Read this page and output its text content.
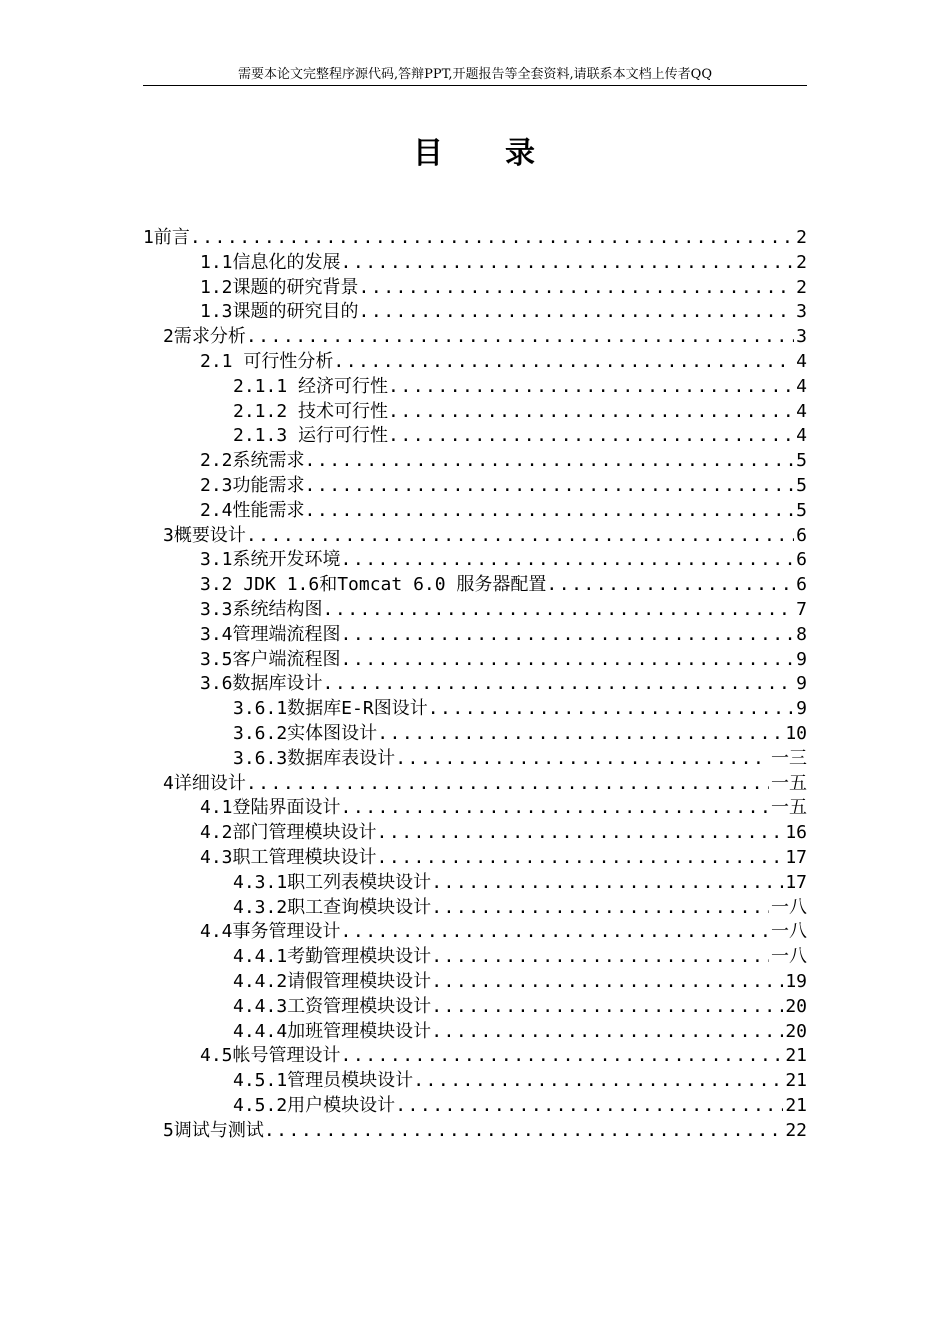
需要本论文完整程序源代码,答辩PPT,开题报告等全套资料,请联系本文档上传者QQ
目 录
1前言 .....	2
1.1信息化的发展 .....	2
1.2课题的研究背景 .....	2
1.3课题的研究目的 .....	3
2需求分析 .....	3
2.1 可行性分析 .....	4
2.1.1 经济可行性 .....	4
2.1.2 技术可行性 .....	4
2.1.3 运行可行性 .....	4
2.2系统需求 .....	5
2.3功能需求 .....	5
2.4性能需求 .....	5
3概要设计 .....	6
3.1系统开发环境 .....	6
3.2 JDK 1.6和Tomcat 6.0 服务器配置 .....	6
3.3系统结构图 .....	7
3.4管理端流程图 .....	8
3.5客户端流程图 .....	9
3.6数据库设计 .....	9
3.6.1数据库E-R图设计 .....	9
3.6.2实体图设计 .....	10
3.6.3数据库表设计 .....	一三
4详细设计 .....	一五
4.1登陆界面设计 .....	一五
4.2部门管理模块设计 .....	16
4.3职工管理模块设计 .....	17
4.3.1职工列表模块设计 .....	17
4.3.2职工查询模块设计 .....	一八
4.4事务管理设计 .....	一八
4.4.1考勤管理模块设计 .....	一八
4.4.2请假管理模块设计 .....	19
4.4.3工资管理模块设计 .....	20
4.4.4加班管理模块设计 .....	20
4.5帐号管理设计 .....	21
4.5.1管理员模块设计 .....	21
4.5.2用户模块设计 .....	21
5调试与测试 .....	22
